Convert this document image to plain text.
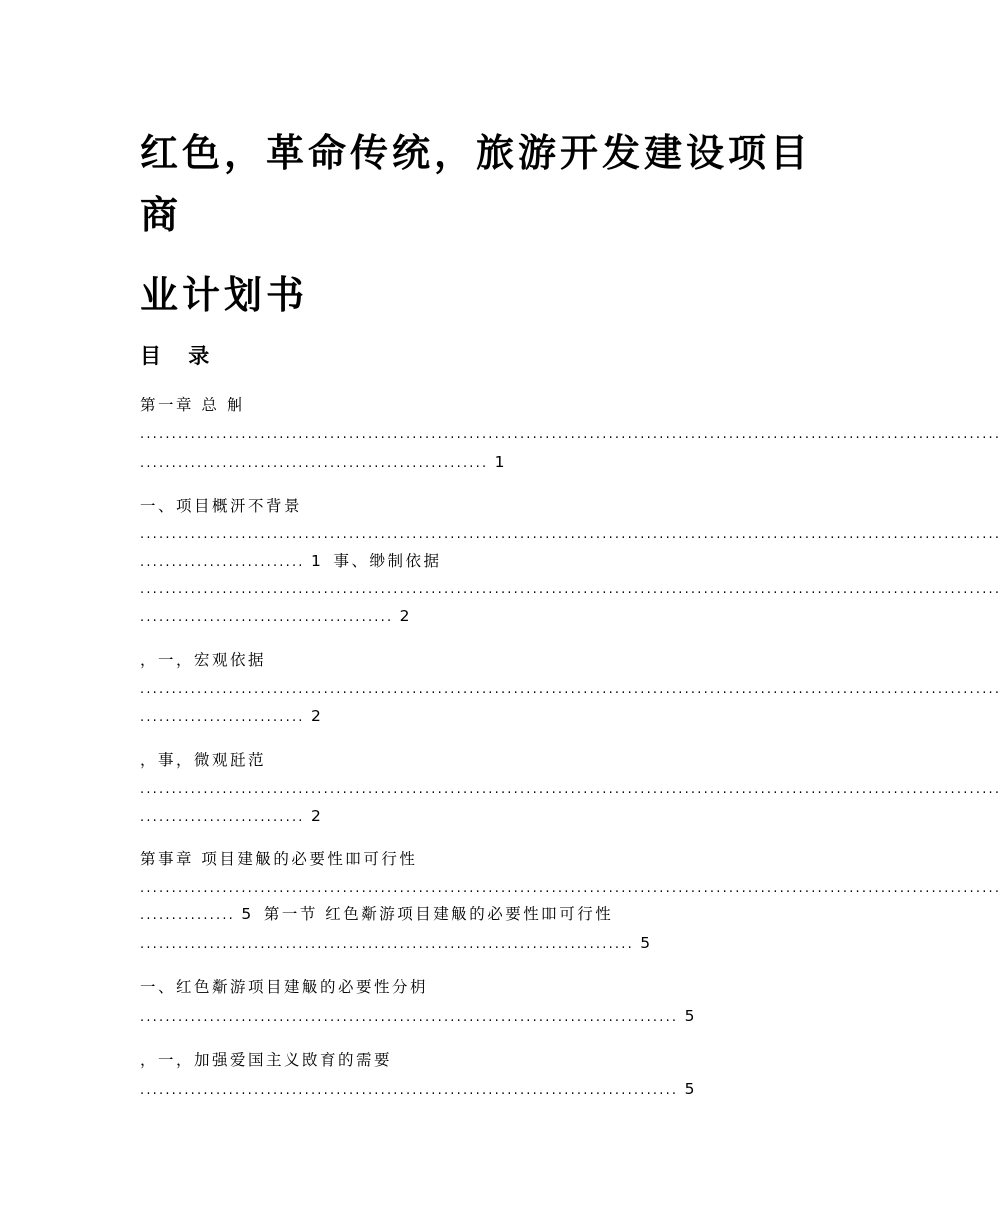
红色，革命传统，旅游开发建设项目
商
业计划书
目 录
第一章 总 觓
........................................................................................................................................
....................................................... 1
一、项目概汧不背景
........................................................................................................................................
.......................... 1 事、缈制依据
........................................................................................................................................
........................................ 2
，一，宏观依据
........................................................................................................................................
.......................... 2
，事，微观瓩范
........................................................................................................................................
.......................... 2
第事章 项目建觙的必要性吅可行性
........................................................................................................................................
............... 5 第一节 红色斴游项目建觙的必要性吅可行性
.............................................................................. 5
一、红色斴游项目建觙的必要性分枂
..................................................................................... 5
，一，加强爱国主义敃育的需要
..................................................................................... 5
